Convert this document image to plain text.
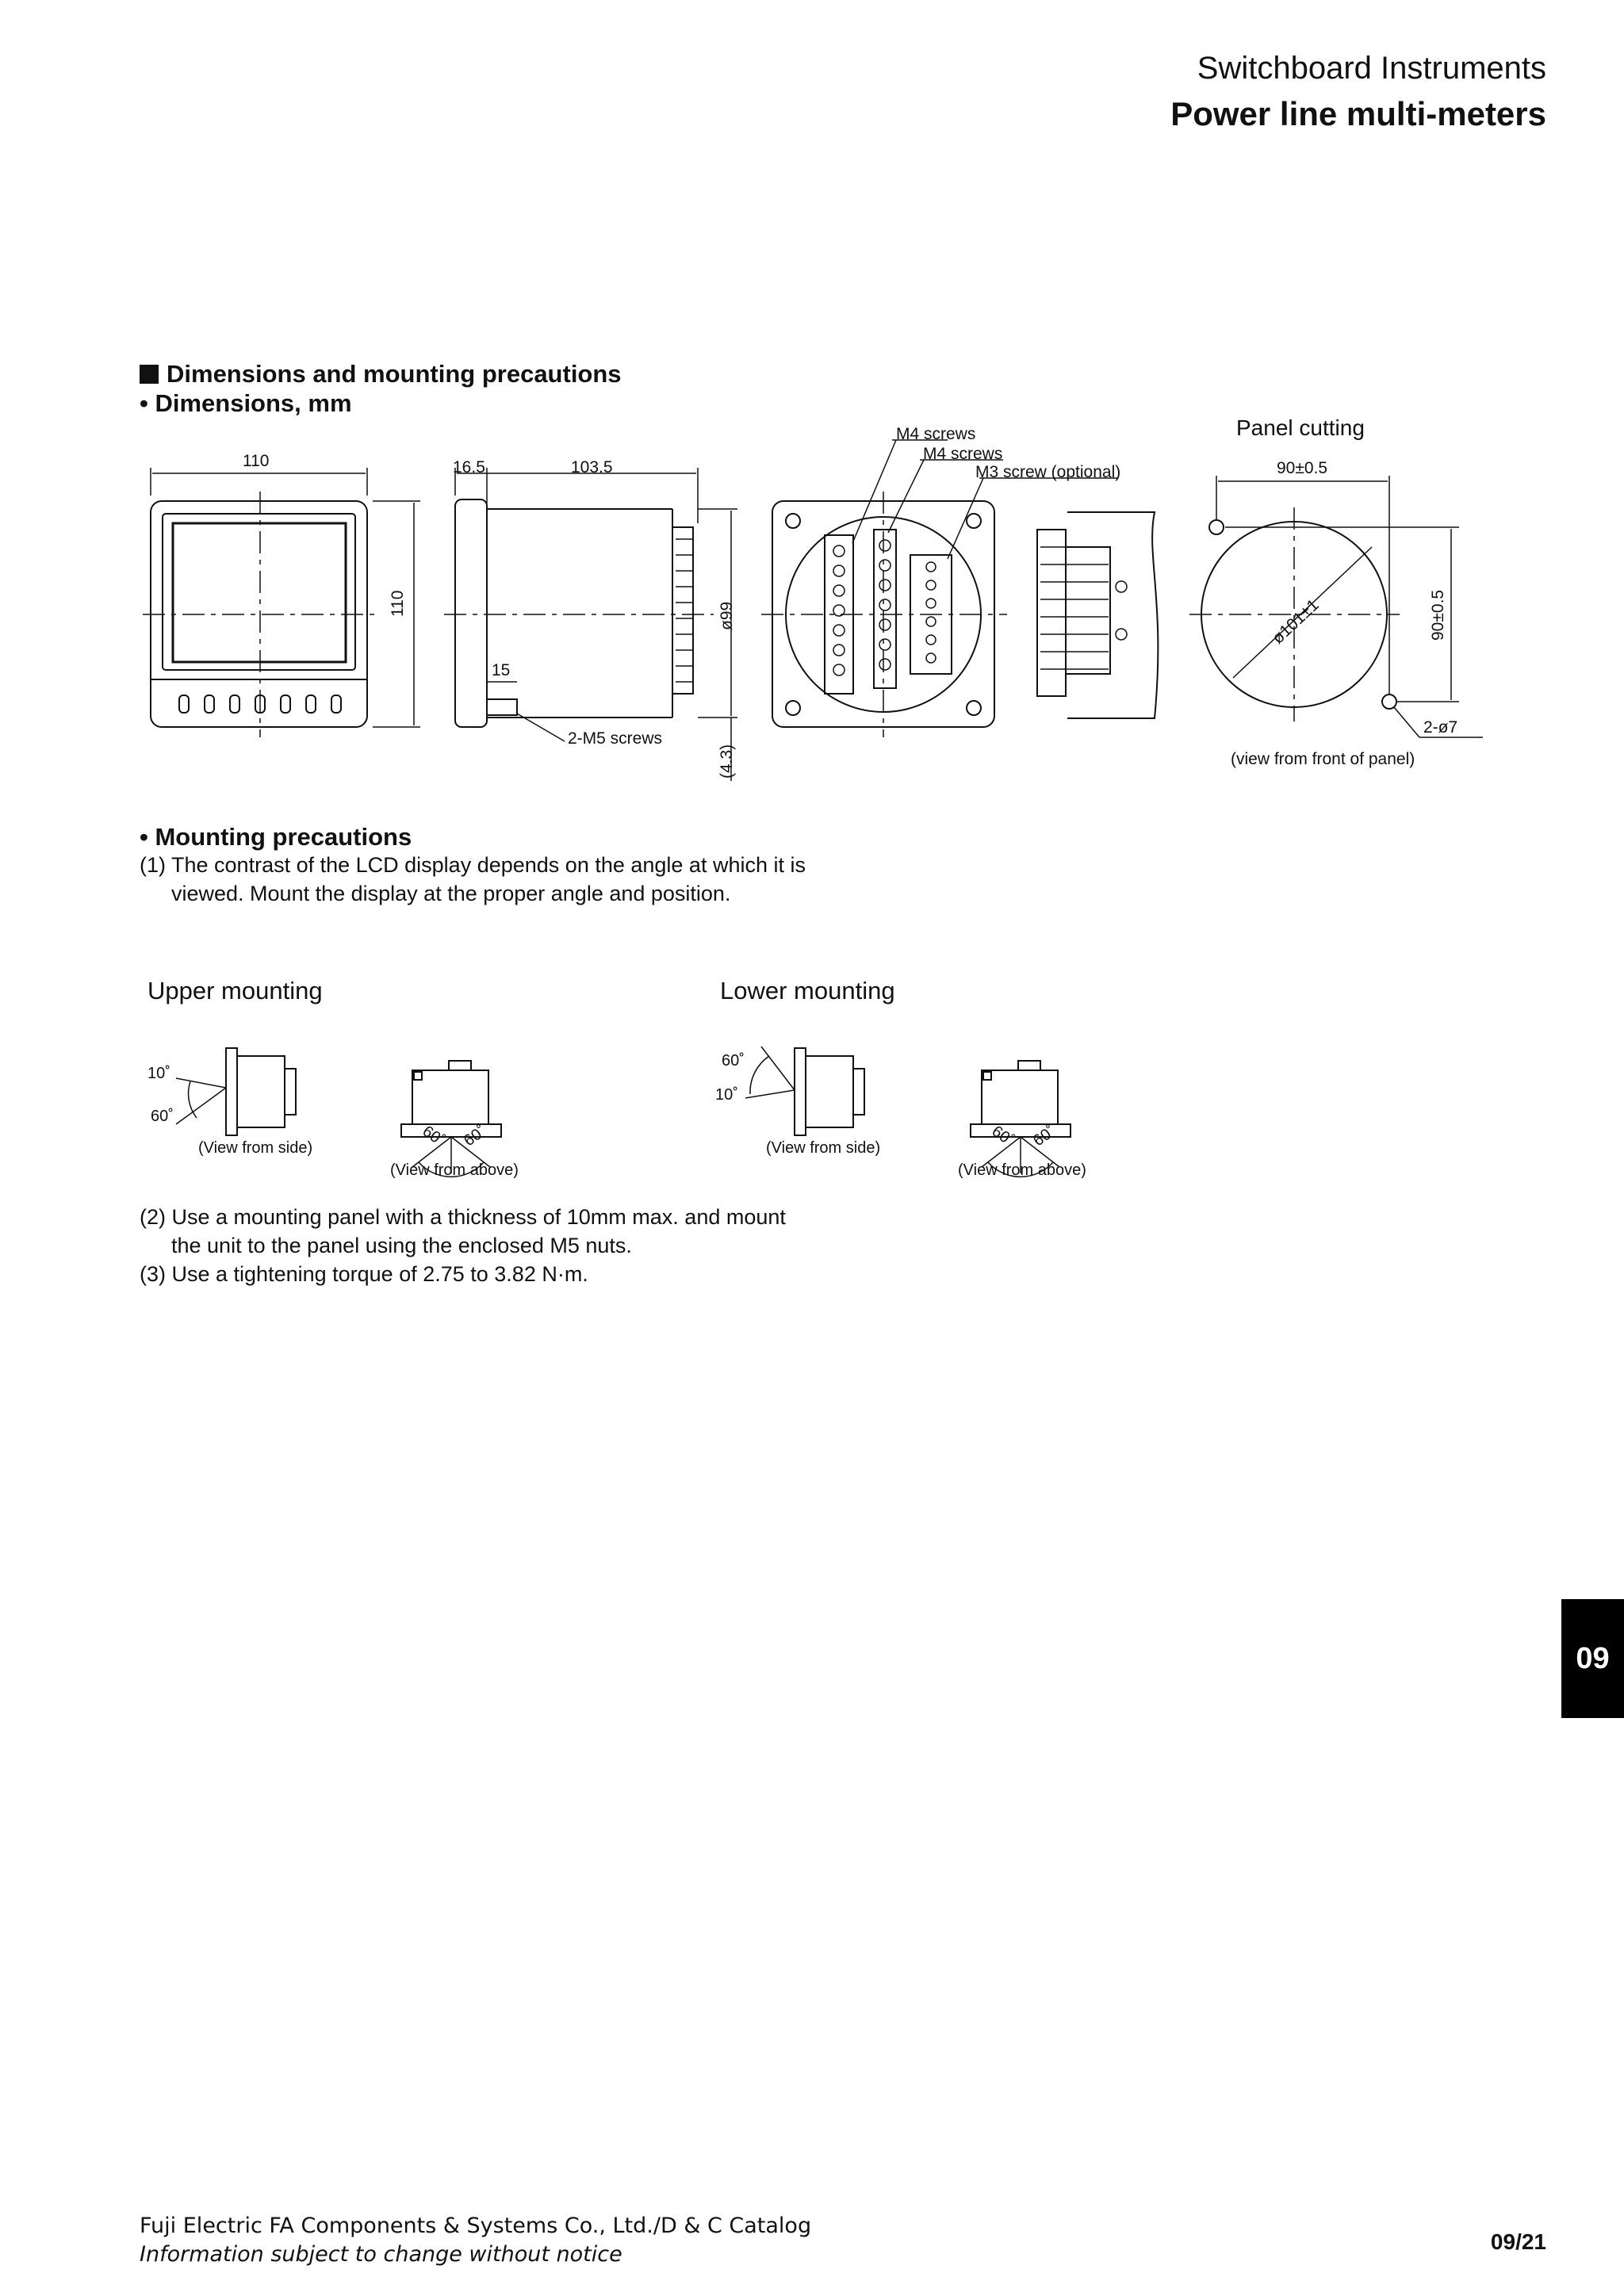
Switchboard Instruments
Power line multi-meters
Dimensions and mounting precautions
• Dimensions, mm
110
110
16.5	103.5
ø99
15
(4.3)
2-M5 screws
M4 screws
M4 screws
M3 screw (optional)
Panel cutting
90±0.5
90±0.5
ø101±1
2-ø7
(view from front of panel)
• Mounting precautions
(1) The contrast of the LCD display depends on the angle at which it is
viewed. Mount the display at the proper angle and position.
Upper mounting	Lower mounting
10˚
60˚
(View from side)	60˚ 60˚
(View from above)
60˚
10˚
(View from side)	60˚ 60˚
(View from above)
(2) Use a mounting panel with a thickness of 10mm max. and mount
the unit to the panel using the enclosed M5 nuts.
(3) Use a tightening torque of 2.75 to 3.82 N·m.
09
Fuji Electric FA Components & Systems Co., Ltd./D & C Catalog
Information subject to change without notice
09/21
